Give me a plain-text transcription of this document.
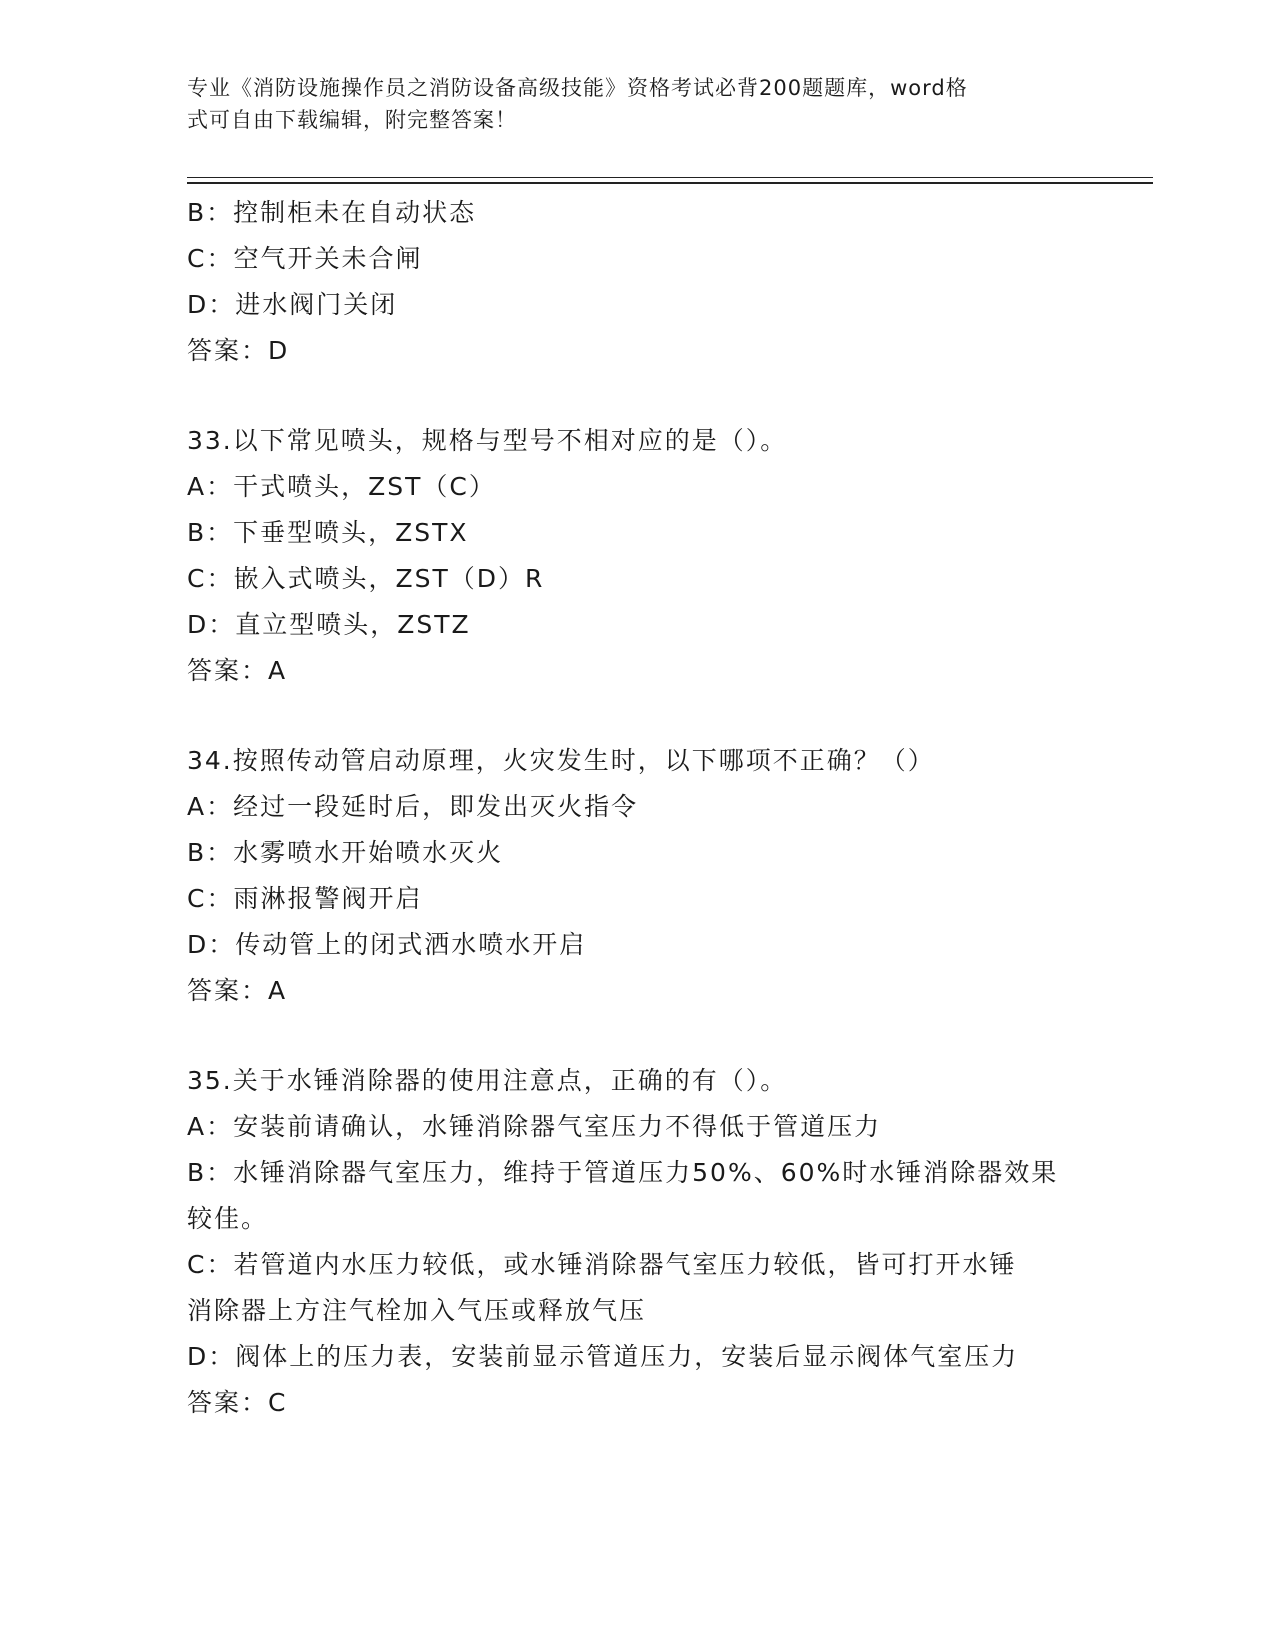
专业《消防设施操作员之消防设备高级技能》资格考试必背200题题库，word格
式可自由下载编辑，附完整答案！
B：控制柜未在自动状态
C：空气开关未合闸
D：进水阀门关闭
答案：D
33.以下常见喷头，规格与型号不相对应的是（）。
A：干式喷头，ZST（C）
B：下垂型喷头，ZSTX
C：嵌入式喷头，ZST（D）R
D：直立型喷头，ZSTZ
答案：A
34.按照传动管启动原理，火灾发生时，以下哪项不正确？（）
A：经过一段延时后，即发出灭火指令
B：水雾喷水开始喷水灭火
C：雨淋报警阀开启
D：传动管上的闭式洒水喷水开启
答案：A
35.关于水锤消除器的使用注意点，正确的有（）。
A：安装前请确认，水锤消除器气室压力不得低于管道压力
B：水锤消除器气室压力，维持于管道压力50%、60%时水锤消除器效果
较佳。
C：若管道内水压力较低，或水锤消除器气室压力较低，皆可打开水锤
消除器上方注气栓加入气压或释放气压
D：阀体上的压力表，安装前显示管道压力，安装后显示阀体气室压力
答案：C
